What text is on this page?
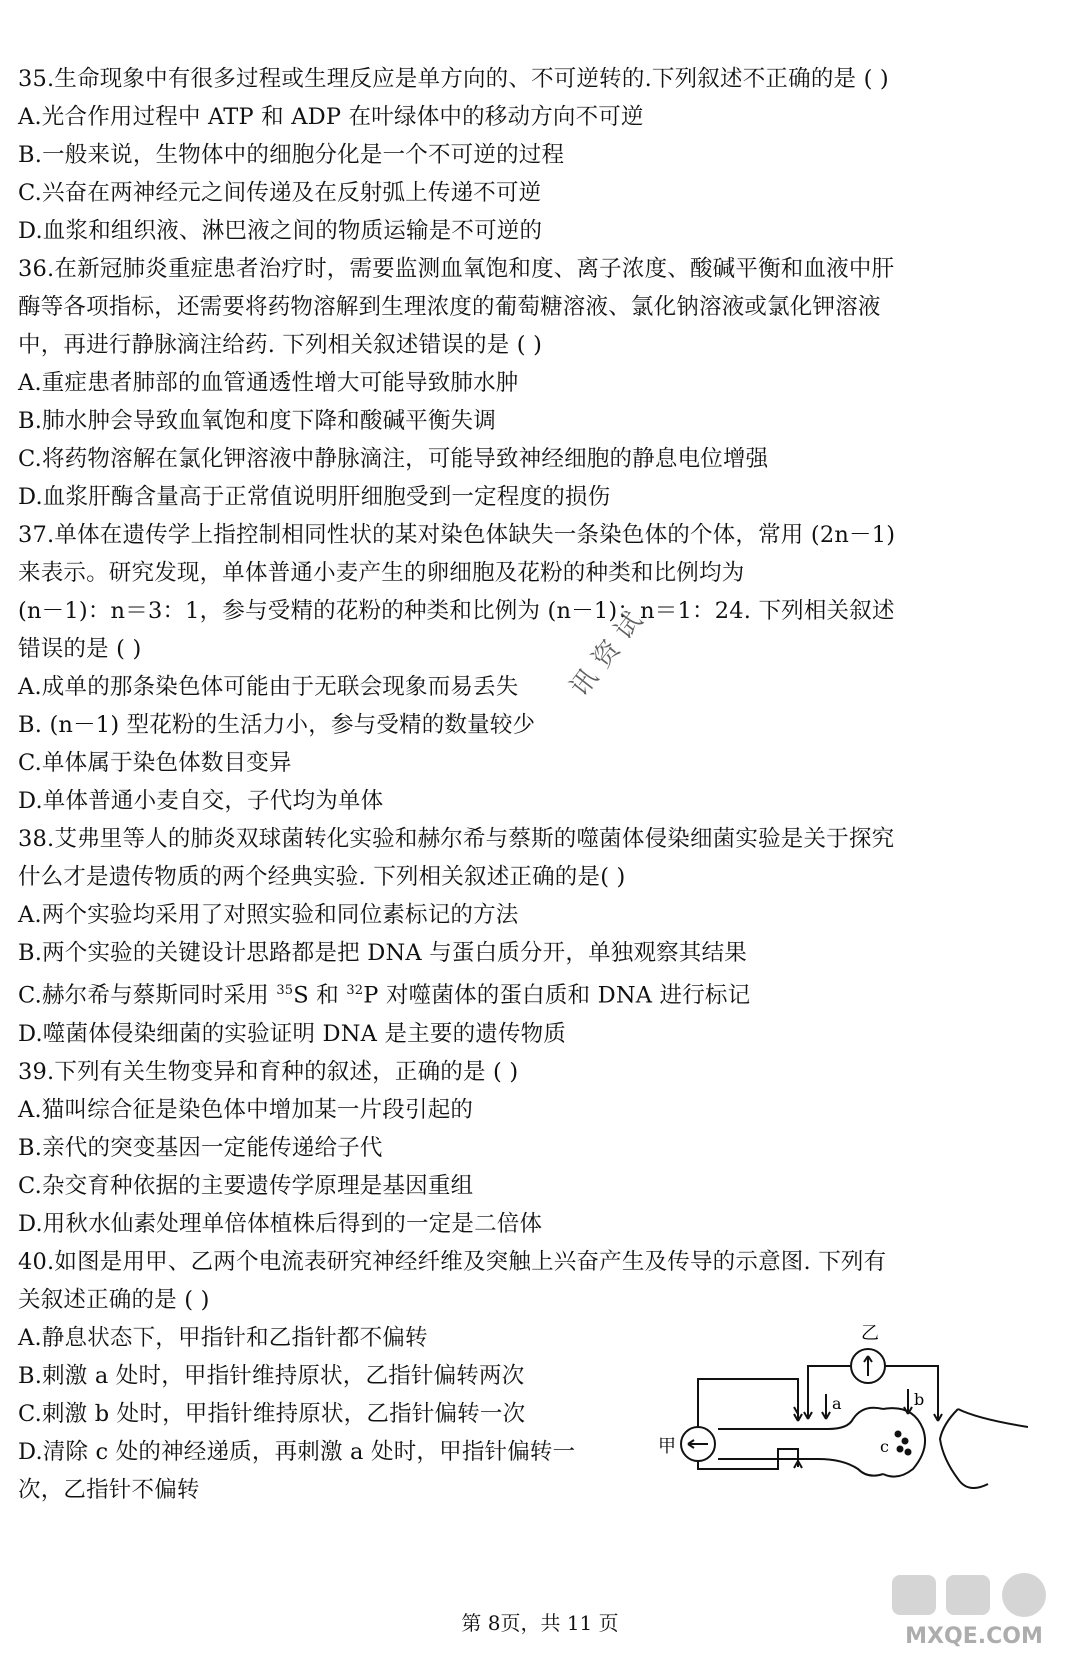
35.生命现象中有很多过程或生理反应是单方向的、不可逆转的.下列叙述不正确的是 ( )
A.光合作用过程中 ATP 和 ADP 在叶绿体中的移动方向不可逆
B.一般来说，生物体中的细胞分化是一个不可逆的过程
C.兴奋在两神经元之间传递及在反射弧上传递不可逆
D.血浆和组织液、淋巴液之间的物质运输是不可逆的
36.在新冠肺炎重症患者治疗时，需要监测血氧饱和度、离子浓度、酸碱平衡和血液中肝
酶等各项指标，还需要将药物溶解到生理浓度的葡萄糖溶液、氯化钠溶液或氯化钾溶液
中，再进行静脉滴注给药. 下列相关叙述错误的是 ( )
A.重症患者肺部的血管通透性增大可能导致肺水肿
B.肺水肿会导致血氧饱和度下降和酸碱平衡失调
C.将药物溶解在氯化钾溶液中静脉滴注，可能导致神经细胞的静息电位增强
D.血浆肝酶含量高于正常值说明肝细胞受到一定程度的损伤
37.单体在遗传学上指控制相同性状的某对染色体缺失一条染色体的个体，常用 (2n－1)
来表示。研究发现，单体普通小麦产生的卵细胞及花粉的种类和比例均为
(n－1)：n＝3：1，参与受精的花粉的种类和比例为 (n－1)：n＝1：24. 下列相关叙述
错误的是 ( )
A.成单的那条染色体可能由于无联会现象而易丢失
B. (n－1) 型花粉的生活力小，参与受精的数量较少
C.单体属于染色体数目变异
D.单体普通小麦自交，子代均为单体
38.艾弗里等人的肺炎双球菌转化实验和赫尔希与蔡斯的噬菌体侵染细菌实验是关于探究
什么才是遗传物质的两个经典实验. 下列相关叙述正确的是( )
A.两个实验均采用了对照实验和同位素标记的方法
B.两个实验的关键设计思路都是把 DNA 与蛋白质分开，单独观察其结果
C.赫尔希与蔡斯同时采用 $^{35}$S 和 $^{32}$P 对噬菌体的蛋白质和 DNA 进行标记
D.噬菌体侵染细菌的实验证明 DNA 是主要的遗传物质
39.下列有关生物变异和育种的叙述，正确的是 ( )
A.猫叫综合征是染色体中增加某一片段引起的
B.亲代的突变基因一定能传递给子代
C.杂交育种依据的主要遗传学原理是基因重组
D.用秋水仙素处理单倍体植株后得到的一定是二倍体
40.如图是用甲、乙两个电流表研究神经纤维及突触上兴奋产生及传导的示意图. 下列有
关叙述正确的是 ( )
A.静息状态下，甲指针和乙指针都不偏转
B.刺激 a 处时，甲指针维持原状，乙指针偏转两次
C.刺激 b 处时，甲指针维持原状，乙指针偏转一次
D.清除 c 处的神经递质，再刺激 a 处时，甲指针偏转一
次，乙指针不偏转
甲
乙
a	b
c
讯资试
第 8页，共 11 页
MXQE.COM
